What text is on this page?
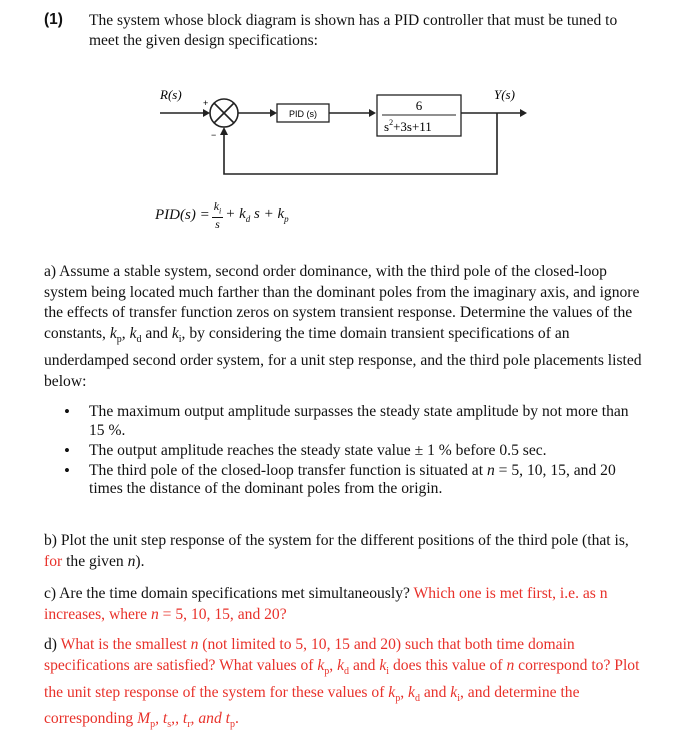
(1) The system whose block diagram is shown has a PID controller that must be tuned to meet the given design specifications:
+
−
PID (s)
6
$s^2+3s+11$
R(s)	Y(s)
$PID(s) = \frac{k_i}{s} + k_d$ $s + k_p$
a) Assume a stable system, second order dominance, with the third pole of the closed-loop system being located much farther than the dominant poles from the imaginary axis, and ignore the effects of transfer function zeros on system transient response. Determine the values of the constants, $k_p$, $k_d$ and $k_i$, by considering the time domain transient specifications of an underdamped second order system, for a unit step response, and the third pole placements listed below:
• The maximum output amplitude surpasses the steady state amplitude by not more than 15 %.
• The output amplitude reaches the steady state value ± 1 % before 0.5 sec.
• The third pole of the closed-loop transfer function is situated at n = 5, 10, 15, and 20 times the distance of the dominant poles from the origin.
b) Plot the unit step response of the system for the different positions of the third pole (that is, for the given n).
c) Are the time domain specifications met simultaneously? Which one is met first, i.e. as n increases, where n = 5, 10, 15, and 20?
d) What is the smallest n (not limited to 5, 10, 15 and 20) such that both time domain specifications are satisfied? What values of $k_p$, $k_d$ and $k_i$ does this value of n correspond to? Plot the unit step response of the system for these values of $k_p$, $k_d$ and $k_i$, and determine the corresponding $M_p$, $t_s$,, $t_r$, and $t_p$.
